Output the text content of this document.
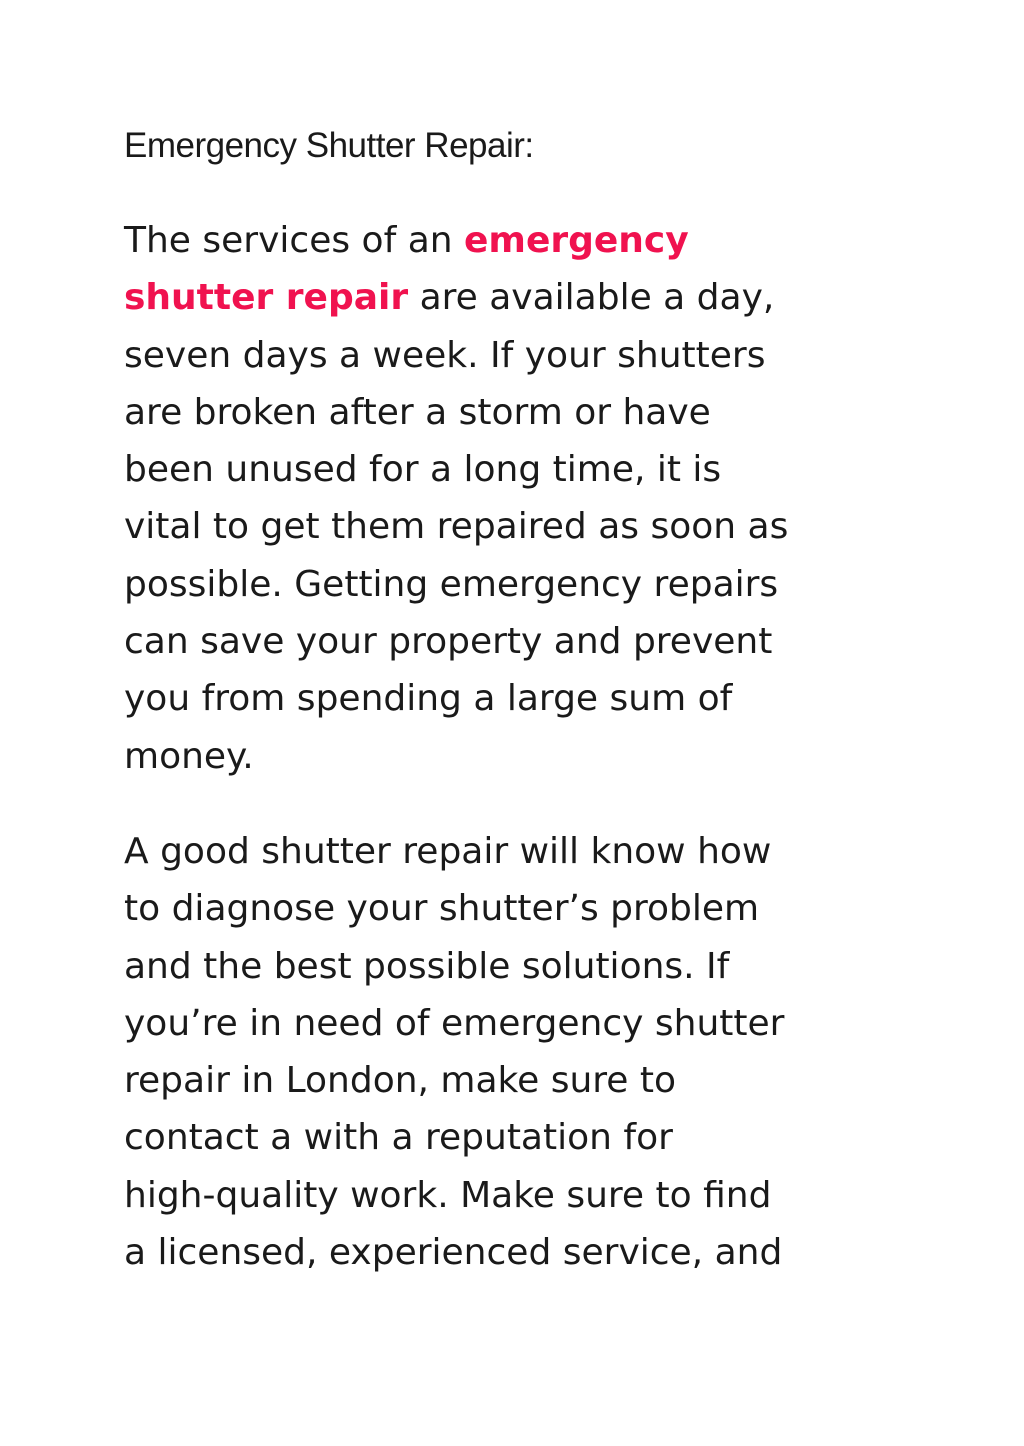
Emergency Shutter Repair:

The services of an emergency
shutter repair are available a day,
seven days a week. If your shutters
are broken after a storm or have
been unused for a long time, it is
vital to get them repaired as soon as
possible. Getting emergency repairs
can save your property and prevent
you from spending a large sum of
money.

A good shutter repair will know how
to diagnose your shutter’s problem
and the best possible solutions. If
you’re in need of emergency shutter
repair in London, make sure to
contact a with a reputation for
high-quality work. Make sure to find
a licensed, experienced service, and
